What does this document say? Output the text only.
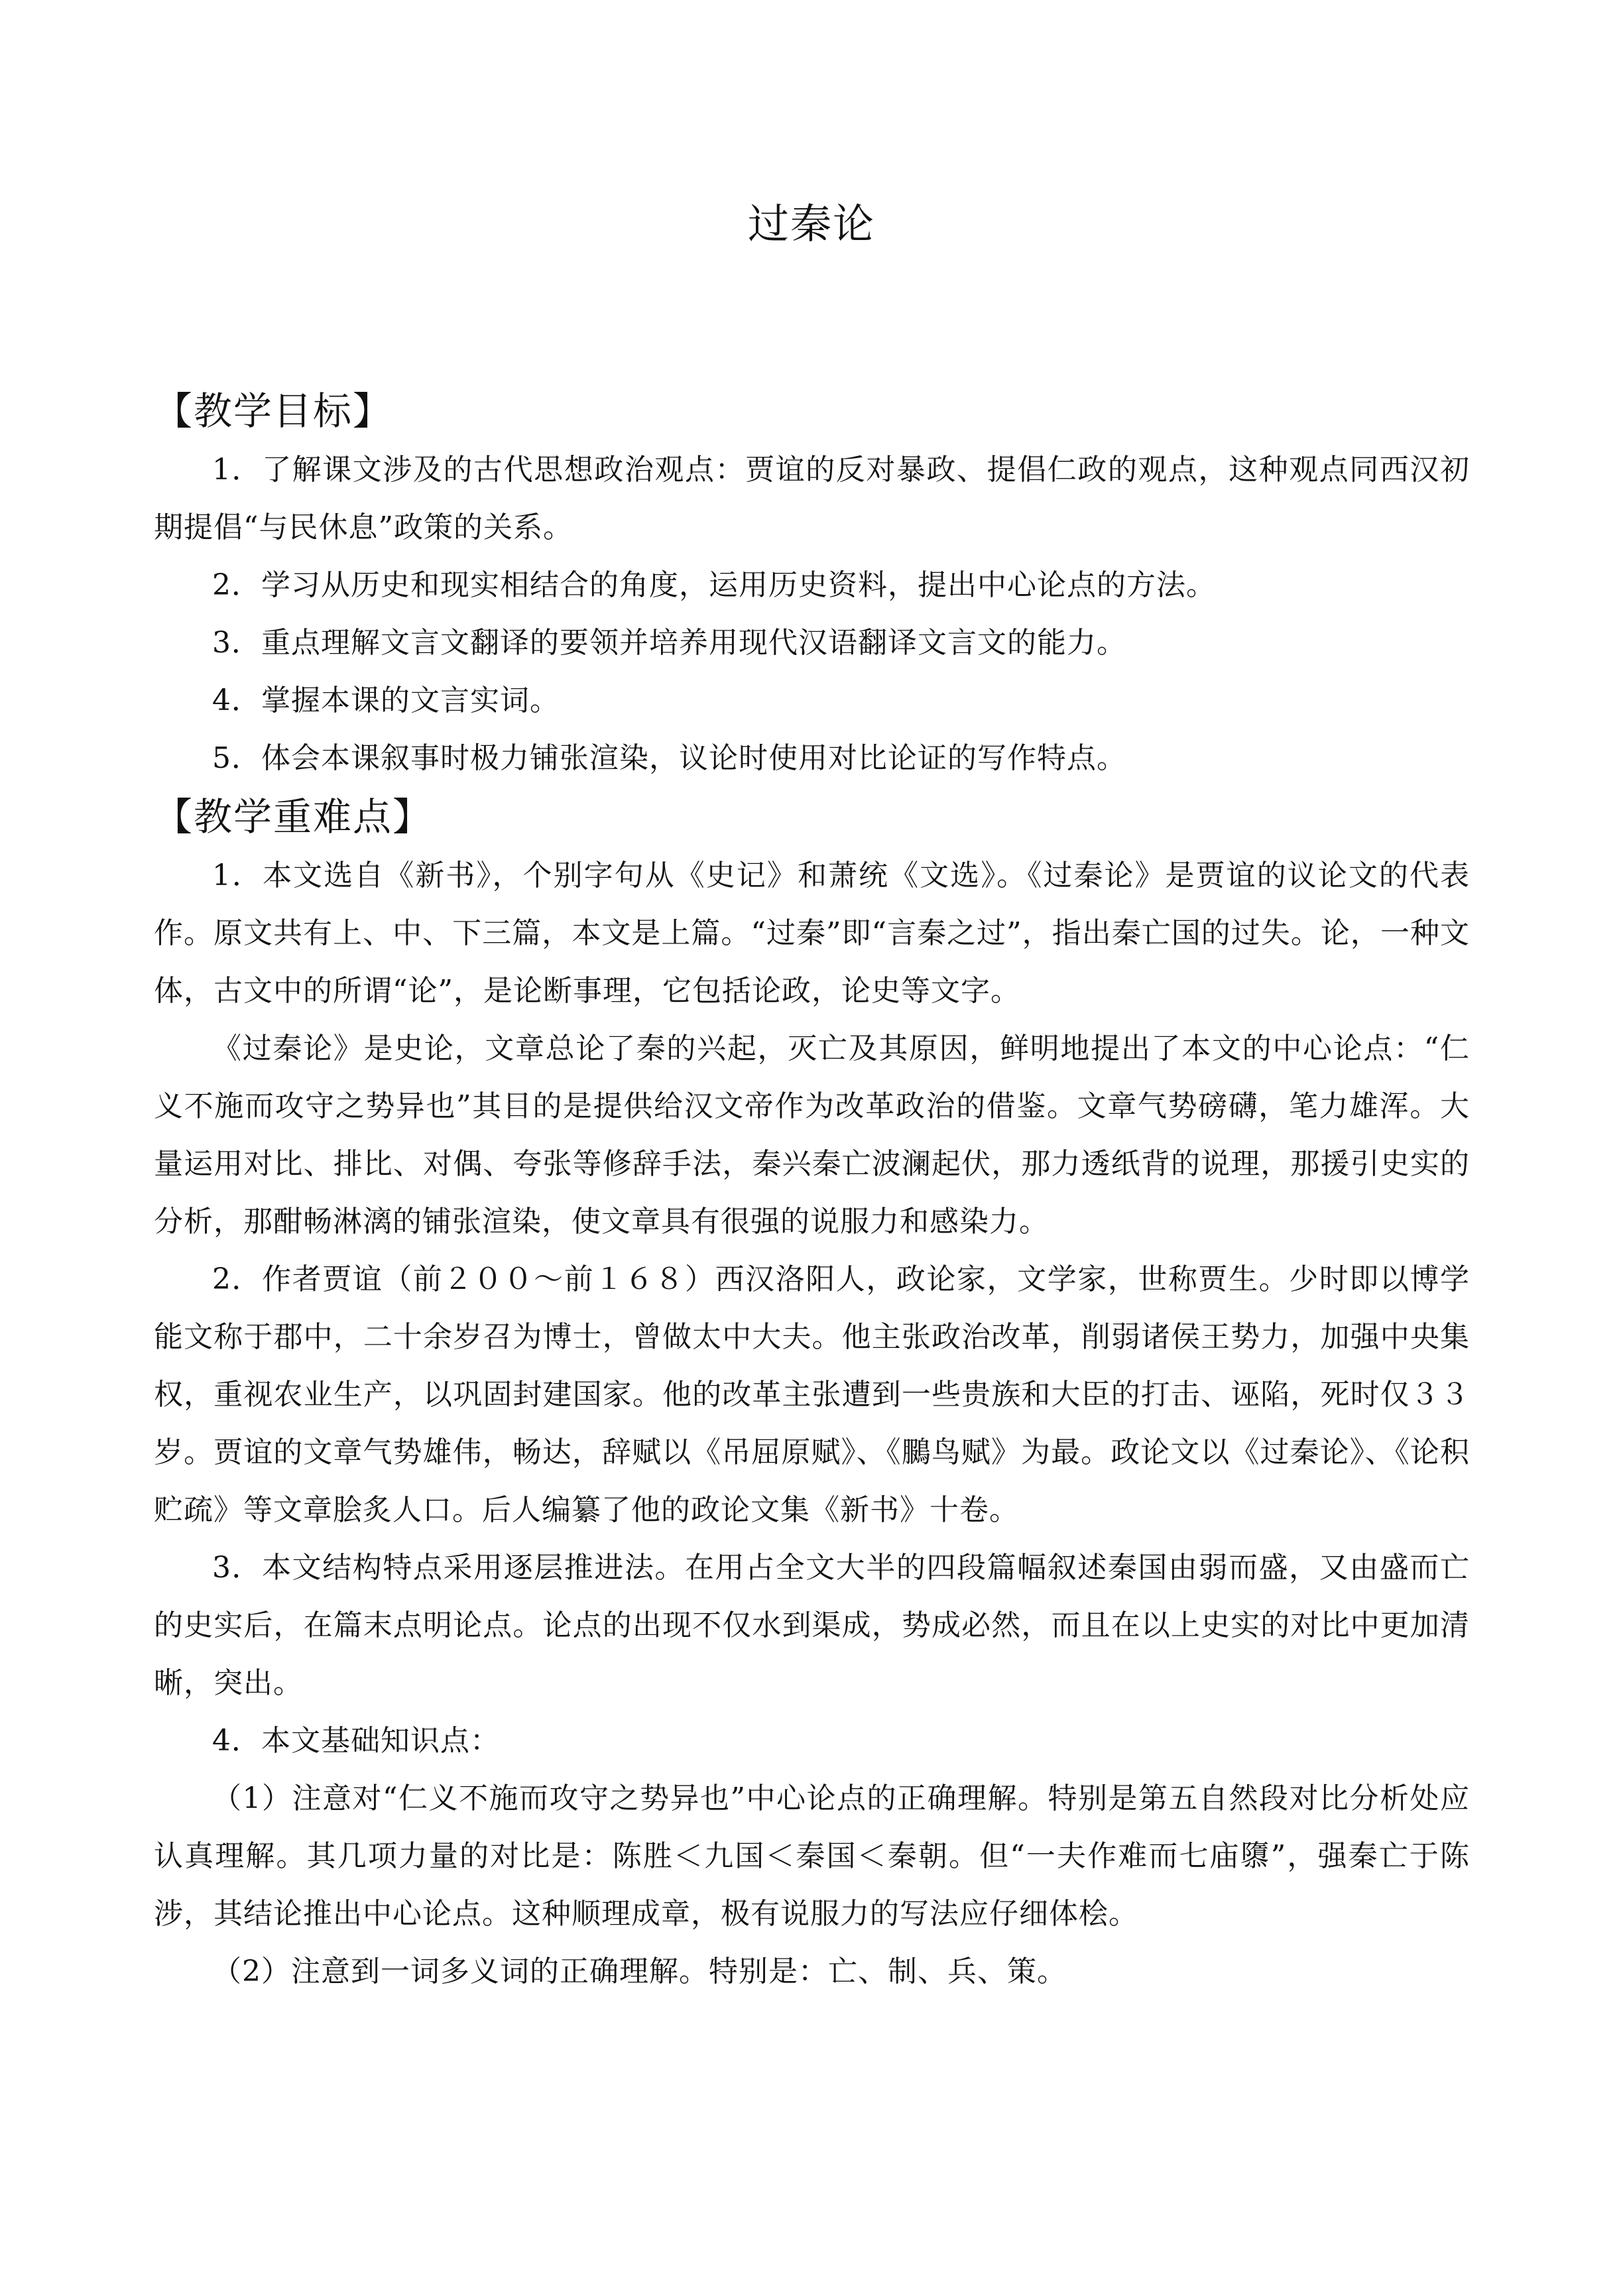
过秦论
【教学目标】

1．了解课文涉及的古代思想政治观点：贾谊的反对暴政、提倡仁政的观点，这种观点同西汉初期提倡“与民休息”政策的关系。

2．学习从历史和现实相结合的角度，运用历史资料，提出中心论点的方法。

3．重点理解文言文翻译的要领并培养用现代汉语翻译文言文的能力。

4．掌握本课的文言实词。

5．体会本课叙事时极力铺张渲染，议论时使用对比论证的写作特点。

【教学重难点】

1．本文选自《新书》，个别字句从《史记》和萧统《文选》。《过秦论》是贾谊的议论文的代表作。原文共有上、中、下三篇，本文是上篇。“过秦”即“言秦之过”，指出秦亡国的过失。论，一种文体，古文中的所谓“论”，是论断事理，它包括论政，论史等文字。

《过秦论》是史论，文章总论了秦的兴起，灭亡及其原因，鲜明地提出了本文的中心论点：“仁义不施而攻守之势异也”其目的是提供给汉文帝作为改革政治的借鉴。文章气势磅礴，笔力雄浑。大量运用对比、排比、对偶、夸张等修辞手法，秦兴秦亡波澜起伏，那力透纸背的说理，那援引史实的分析，那酣畅淋漓的铺张渲染，使文章具有很强的说服力和感染力。

2．作者贾谊（前２００～前１６８）西汉洛阳人，政论家，文学家，世称贾生。少时即以博学能文称于郡中，二十余岁召为博士，曾做太中大夫。他主张政治改革，削弱诸侯王势力，加强中央集权，重视农业生产，以巩固封建国家。他的改革主张遭到一些贵族和大臣的打击、诬陷，死时仅３３岁。贾谊的文章气势雄伟，畅达，辞赋以《吊屈原赋》、《鵩鸟赋》为最。政论文以《过秦论》、《论积贮疏》等文章脍炙人口。后人编纂了他的政论文集《新书》十卷。

3．本文结构特点采用逐层推进法。在用占全文大半的四段篇幅叙述秦国由弱而盛，又由盛而亡的史实后，在篇末点明论点。论点的出现不仅水到渠成，势成必然，而且在以上史实的对比中更加清晰，突出。

4．本文基础知识点：

（1）注意对“仁义不施而攻守之势异也”中心论点的正确理解。特别是第五自然段对比分析处应认真理解。其几项力量的对比是：陈胜＜九国＜秦国＜秦朝。但“一夫作难而七庙隳”，强秦亡于陈涉，其结论推出中心论点。这种顺理成章，极有说服力的写法应仔细体桧。

（2）注意到一词多义词的正确理解。特别是：亡、制、兵、策。
